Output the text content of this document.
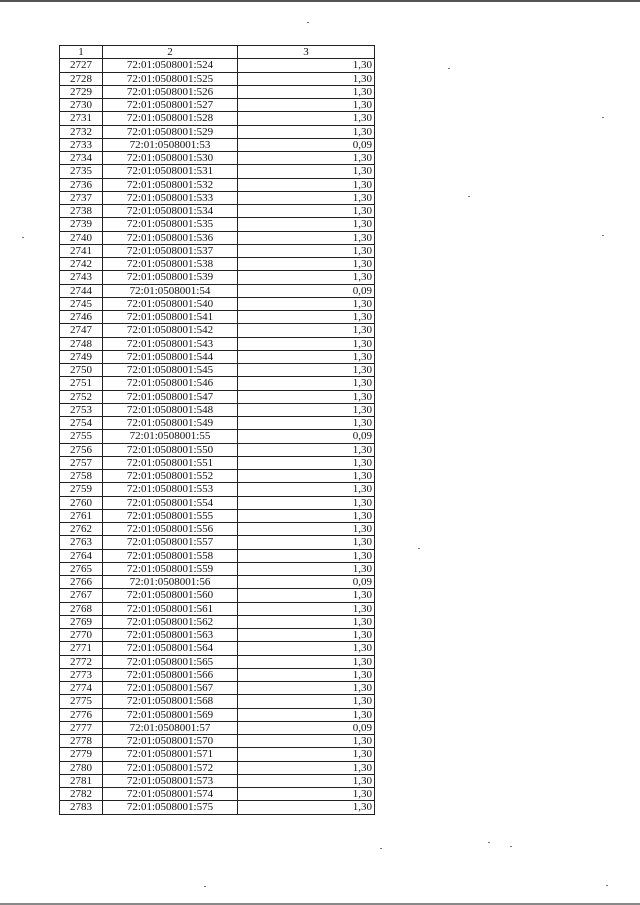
1	2	3
2727	72:01:0508001:524	1,30
2728	72:01:0508001:525	1,30
2729	72:01:0508001:526	1,30
2730	72:01:0508001:527	1,30
2731	72:01:0508001:528	1,30
2732	72:01:0508001:529	1,30
2733	72:01:0508001:53	0,09
2734	72:01:0508001:530	1,30
2735	72:01:0508001:531	1,30
2736	72:01:0508001:532	1,30
2737	72:01:0508001:533	1,30
2738	72:01:0508001:534	1,30
2739	72:01:0508001:535	1,30
2740	72:01:0508001:536	1,30
2741	72:01:0508001:537	1,30
2742	72:01:0508001:538	1,30
2743	72:01:0508001:539	1,30
2744	72:01:0508001:54	0,09
2745	72:01:0508001:540	1,30
2746	72:01:0508001:541	1,30
2747	72:01:0508001:542	1,30
2748	72:01:0508001:543	1,30
2749	72:01:0508001:544	1,30
2750	72:01:0508001:545	1,30
2751	72:01:0508001:546	1,30
2752	72:01:0508001:547	1,30
2753	72:01:0508001:548	1,30
2754	72:01:0508001:549	1,30
2755	72:01:0508001:55	0,09
2756	72:01:0508001:550	1,30
2757	72:01:0508001:551	1,30
2758	72:01:0508001:552	1,30
2759	72:01:0508001:553	1,30
2760	72:01:0508001:554	1,30
2761	72:01:0508001:555	1,30
2762	72:01:0508001:556	1,30
2763	72:01:0508001:557	1,30
2764	72:01:0508001:558	1,30
2765	72:01:0508001:559	1,30
2766	72:01:0508001:56	0,09
2767	72:01:0508001:560	1,30
2768	72:01:0508001:561	1,30
2769	72:01:0508001:562	1,30
2770	72:01:0508001:563	1,30
2771	72:01:0508001:564	1,30
2772	72:01:0508001:565	1,30
2773	72:01:0508001:566	1,30
2774	72:01:0508001:567	1,30
2775	72:01:0508001:568	1,30
2776	72:01:0508001:569	1,30
2777	72:01:0508001:57	0,09
2778	72:01:0508001:570	1,30
2779	72:01:0508001:571	1,30
2780	72:01:0508001:572	1,30
2781	72:01:0508001:573	1,30
2782	72:01:0508001:574	1,30
2783	72:01:0508001:575	1,30
